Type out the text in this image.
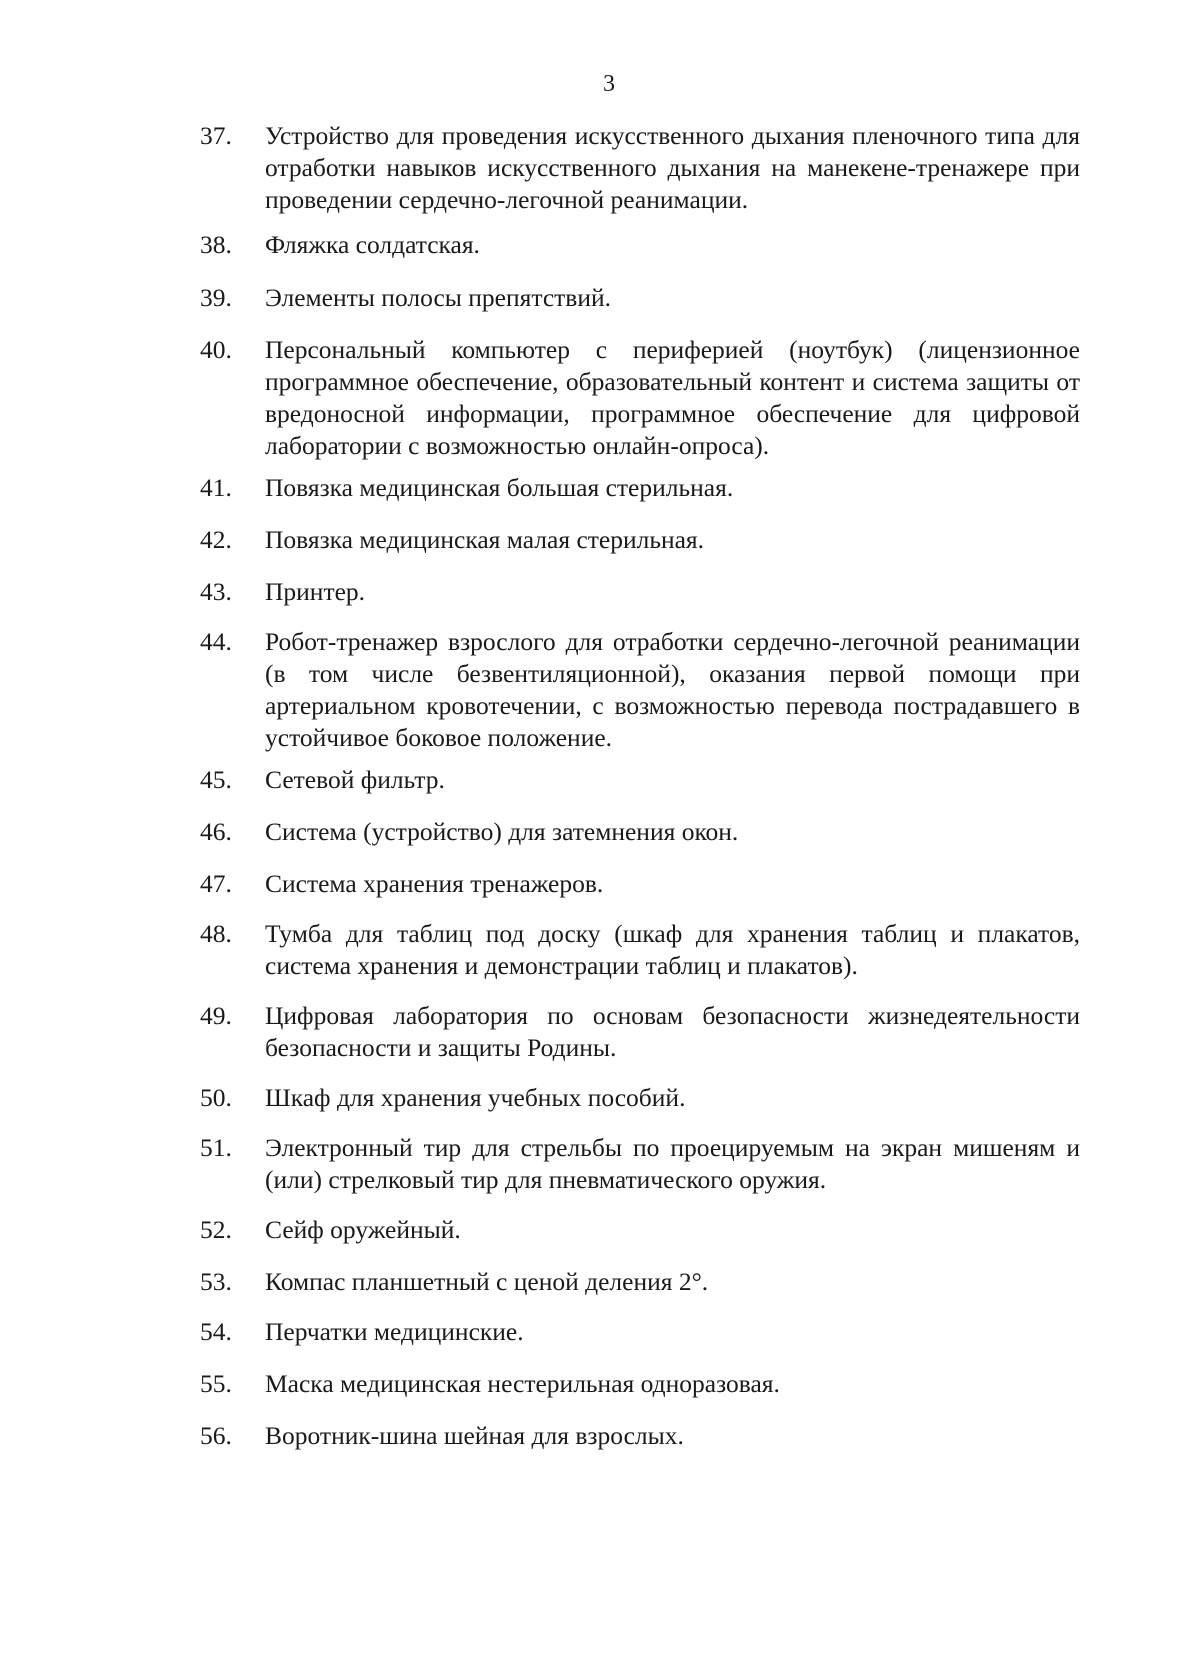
3
37.	Устройство для проведения искусственного дыхания пленочного типа для отработки навыков искусственного дыхания на манекене-тренажере при проведении сердечно-легочной реанимации.
38.	Фляжка солдатская.
39.	Элементы полосы препятствий.
40.	Персональный компьютер с периферией (ноутбук) (лицензионное программное обеспечение, образовательный контент и система защиты от вредоносной информации, программное обеспечение для цифровой лаборатории с возможностью онлайн-опроса).
41.	Повязка медицинская большая стерильная.
42.	Повязка медицинская малая стерильная.
43.	Принтер.
44.	Робот-тренажер взрослого для отработки сердечно-легочной реанимации (в том числе безвентиляционной), оказания первой помощи при артериальном кровотечении, с возможностью перевода пострадавшего в устойчивое боковое положение.
45.	Сетевой фильтр.
46.	Система (устройство) для затемнения окон.
47.	Система хранения тренажеров.
48.	Тумба для таблиц под доску (шкаф для хранения таблиц и плакатов, система хранения и демонстрации таблиц и плакатов).
49.	Цифровая лаборатория по основам безопасности жизнедеятельности безопасности и защиты Родины.
50.	Шкаф для хранения учебных пособий.
51.	Электронный тир для стрельбы по проецируемым на экран мишеням и (или) стрелковый тир для пневматического оружия.
52.	Сейф оружейный.
53.	Компас планшетный с ценой деления 2°.
54.	Перчатки медицинские.
55.	Маска медицинская нестерильная одноразовая.
56.	Воротник-шина шейная для взрослых.
